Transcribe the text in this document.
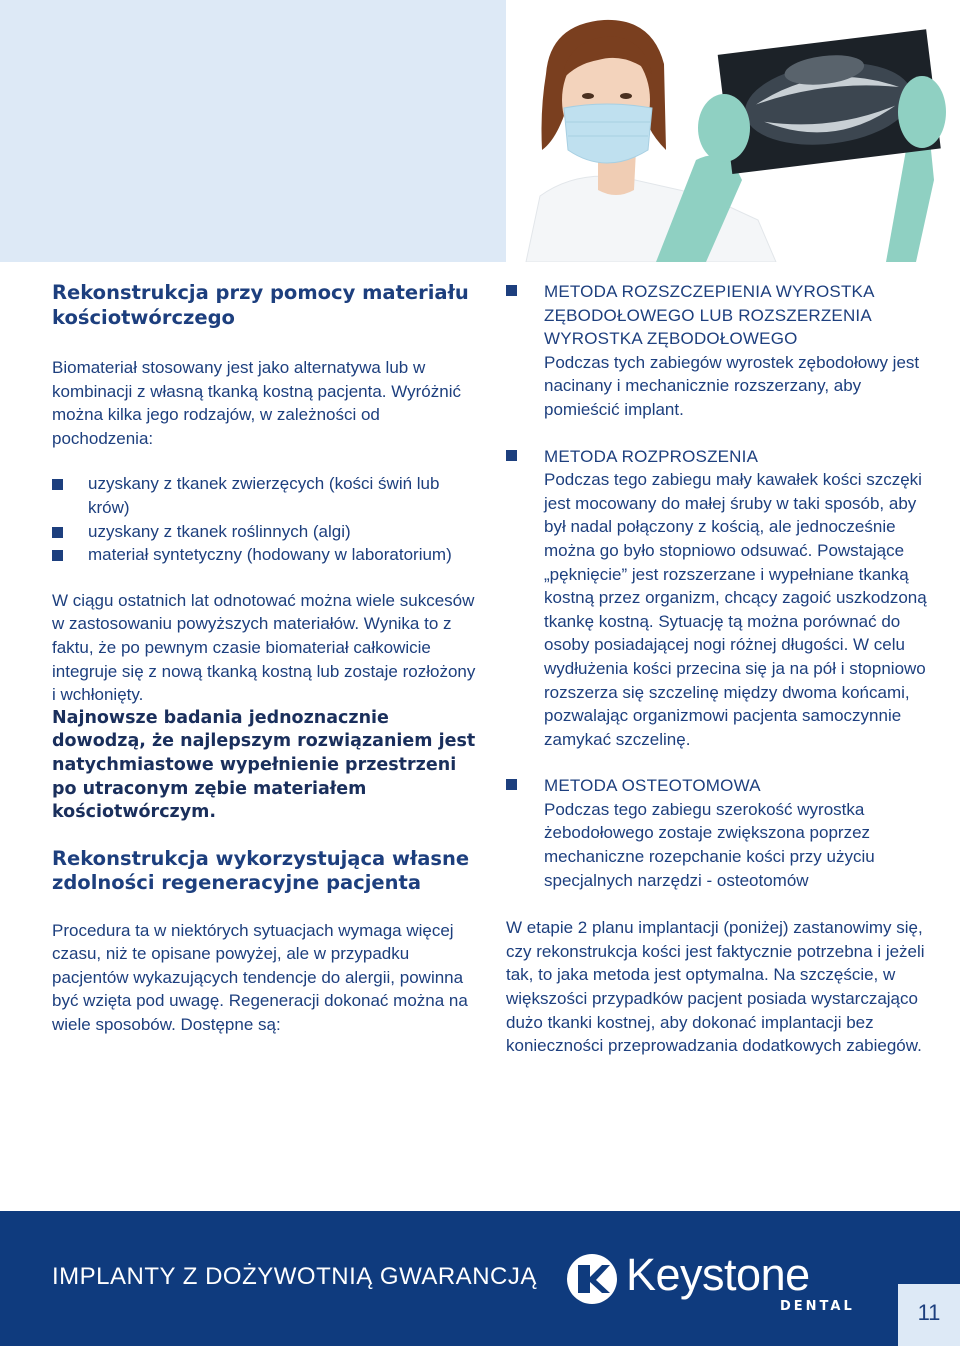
Rekonstrukcja przy pomocy materiału kościotwórczego

Biomateriał stosowany jest jako alternatywa lub w kombinacji z własną tkanką kostną pacjenta. Wyróżnić można kilka jego rodzajów, w zależności od pochodzenia:

uzyskany z tkanek zwierzęcych (kości świń lub krów)
uzyskany z tkanek roślinnych (algi)
materiał syntetyczny (hodowany w laboratorium)

W ciągu ostatnich lat odnotować można wiele sukcesów w zastosowaniu powyższych materiałów. Wynika to z faktu, że po pewnym czasie biomateriał całkowicie integruje się z nową tkanką kostną lub zostaje rozłożony i wchłonięty.

Najnowsze badania jednoznacznie dowodzą, że najlepszym rozwiązaniem jest natychmiastowe wypełnienie przestrzeni po utraconym zębie materiałem kościotwórczym.

Rekonstrukcja wykorzystująca własne zdolności regeneracyjne pacjenta

Procedura ta w niektórych sytuacjach wymaga więcej czasu, niż te opisane powyżej, ale w przypadku pacjentów wykazujących tendencje do alergii, powinna być wzięta pod uwagę. Regeneracji dokonać można na wiele sposobów. Dostępne są:

METODA ROZSZCZEPIENIA WYROSTKA ZĘBODOŁOWEGO LUB ROZSZERZENIA WYROSTKA ZĘBODOŁOWEGO
Podczas tych zabiegów wyrostek zębodołowy jest nacinany i mechanicznie rozszerzany, aby pomieścić implant.
METODA ROZPROSZENIA
Podczas tego zabiegu mały kawałek kości szczęki jest mocowany do małej śruby w taki sposób, aby był nadal połączony z kością, ale jednocześnie można go było stopniowo odsuwać. Powstające „pęknięcie” jest rozszerzane i wypełniane tkanką kostną przez organizm, chcący zagoić uszkodzoną tkankę kostną. Sytuację tą można porównać do osoby posiadającej nogi różnej długości. W celu wydłużenia kości przecina się ja na pół i stopniowo rozszerza się szczelinę między dwoma końcami, pozwalając organizmowi pacjenta samoczynnie zamykać szczelinę.
METODA OSTEOTOMOWA
Podczas tego zabiegu szerokość wyrostka żebodołowego zostaje zwiększona poprzez mechaniczne rozepchanie kości przy użyciu specjalnych narzędzi - osteotomów

W etapie 2 planu implantacji (poniżej) zastanowimy się, czy rekonstrukcja kości jest faktycznie potrzebna i jeżeli tak, to jaka metoda jest optymalna. Na szczęście, w większości przypadków pacjent posiada wystarczająco dużo tkanki kostnej, aby dokonać implantacji bez konieczności przeprowadzania dodatkowych zabiegów.

IMPLANTY Z DOŻYWOTNIĄ GWARANCJĄ Keystone
DENTAL	11
